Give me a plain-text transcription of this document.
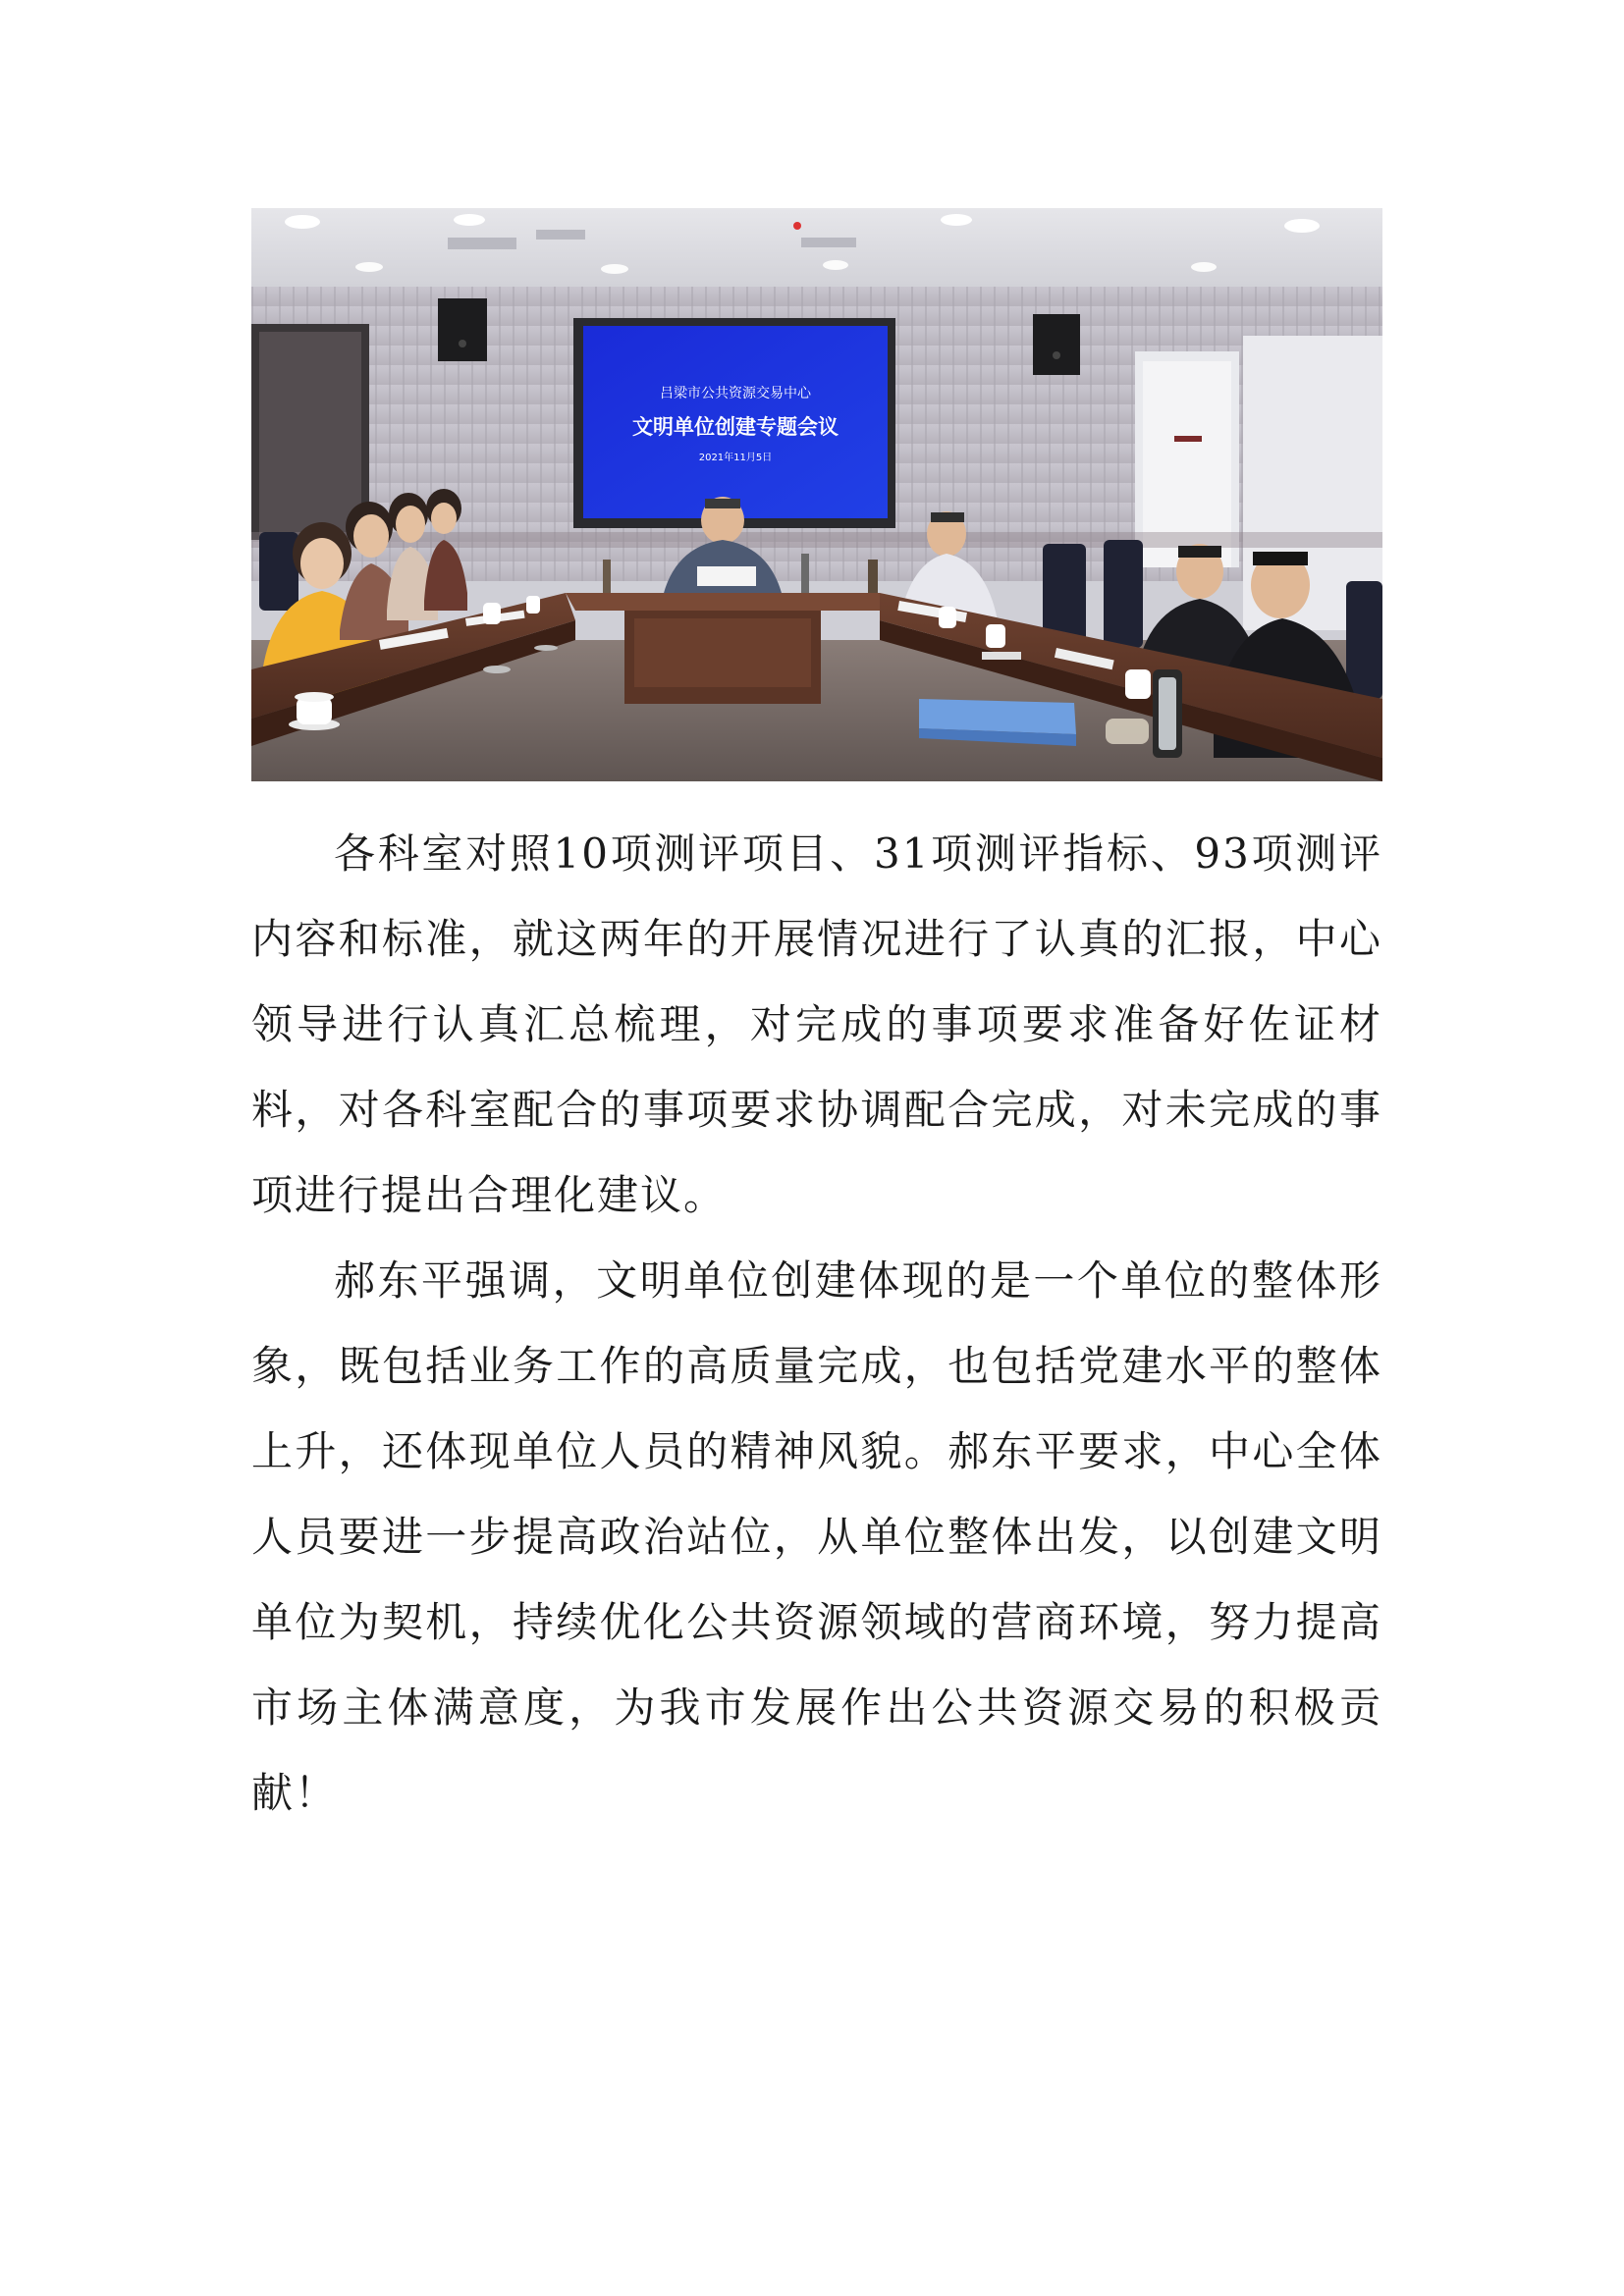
吕梁市公共资源交易中心
文明单位创建专题会议
2021年11月5日

各科室对照10项测评项目、31项测评指标、93项测评内容和标准，就这两年的开展情况进行了认真的汇报，中心领导进行认真汇总梳理，对完成的事项要求准备好佐证材料，对各科室配合的事项要求协调配合完成，对未完成的事项进行提出合理化建议。

郝东平强调，文明单位创建体现的是一个单位的整体形象，既包括业务工作的高质量完成，也包括党建水平的整体上升，还体现单位人员的精神风貌。郝东平要求，中心全体人员要进一步提高政治站位，从单位整体出发，以创建文明单位为契机，持续优化公共资源领域的营商环境，努力提高市场主体满意度，为我市发展作出公共资源交易的积极贡献！
